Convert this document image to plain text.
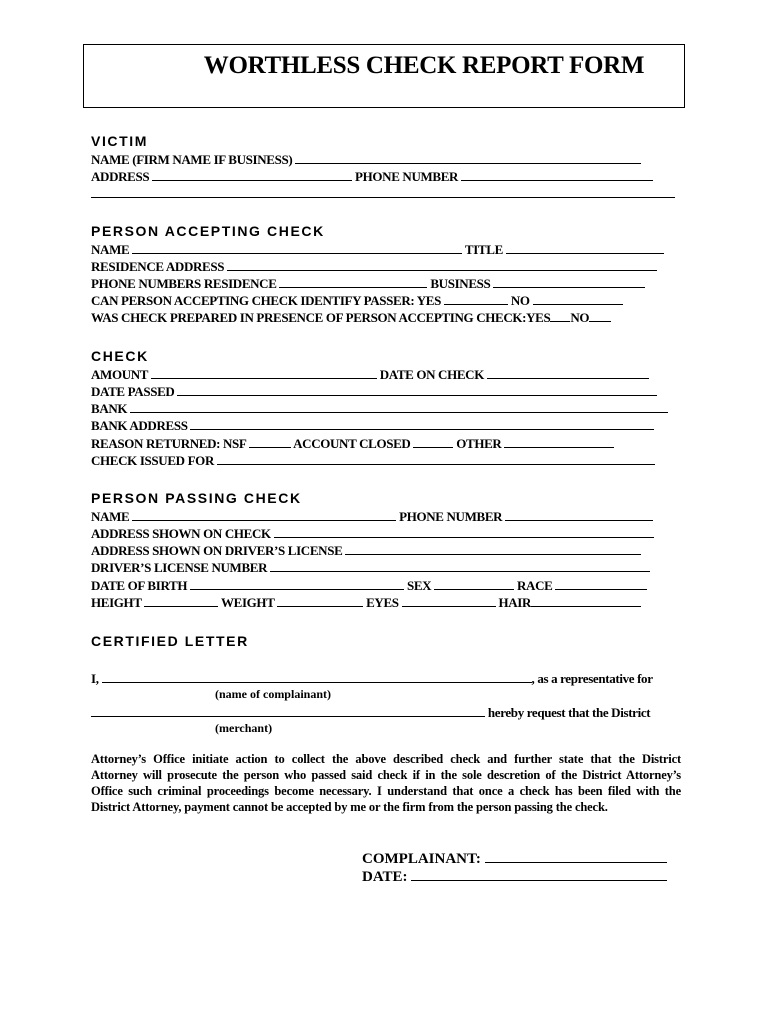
WORTHLESS CHECK REPORT FORM
VICTIM
NAME (FIRM NAME IF BUSINESS)
ADDRESS	PHONE NUMBER
PERSON ACCEPTING CHECK
NAME	TITLE
RESIDENCE ADDRESS
PHONE NUMBERS RESIDENCE	BUSINESS
CAN PERSON ACCEPTING CHECK IDENTIFY PASSER: YES	NO
WAS CHECK PREPARED IN PRESENCE OF PERSON ACCEPTING CHECK:YES NO
CHECK
AMOUNT	DATE ON CHECK
DATE PASSED
BANK
BANK ADDRESS
REASON RETURNED: NSF	ACCOUNT CLOSED	OTHER
CHECK ISSUED FOR
PERSON PASSING CHECK
NAME	PHONE NUMBER
ADDRESS SHOWN ON CHECK
ADDRESS SHOWN ON DRIVER’S LICENSE
DRIVER’S LICENSE NUMBER
DATE OF BIRTH	SEX	RACE
HEIGHT	WEIGHT	EYES	HAIR
CERTIFIED LETTER
I,	, as a representative for
(name of complainant)
hereby request that the District
(merchant)
Attorney’s Office initiate action to collect the above described check and further state that the District
Attorney will prosecute the person who passed said check if in the sole descretion of the District Attorney’s
Office such criminal proceedings become necessary. I understand that once a check has been filed with the
District Attorney, payment cannot be accepted by me or the firm from the person passing the check.
COMPLAINANT:
DATE:
